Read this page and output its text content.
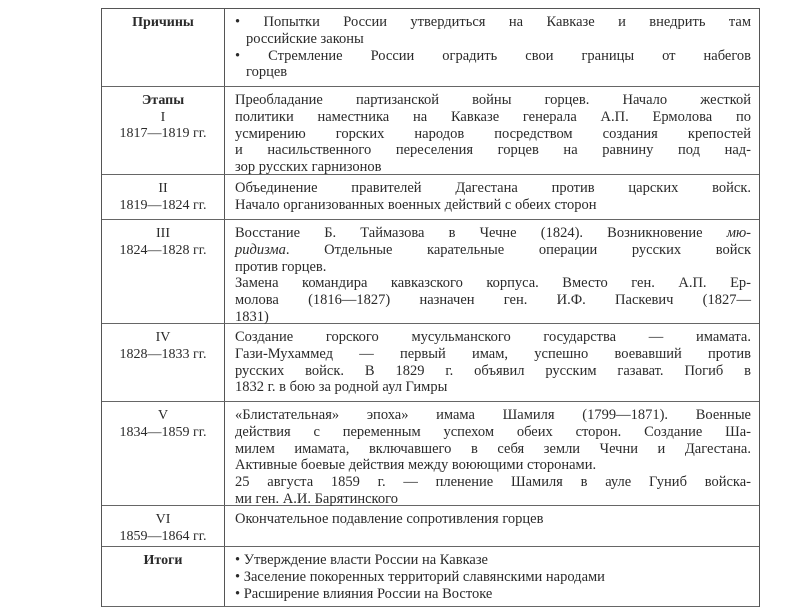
Причины	• Попытки России утвердиться на Кавказе и внедрить там
российские законы
• Стремление России оградить свои границы от набегов
горцев
Этапы
I
1817—1819 гг.
Преобладание партизанской войны горцев. Начало жесткой
политики наместника на Кавказе генерала А.П. Ермолова по
усмирению горских народов посредством создания крепостей
и насильственного переселения горцев на равнину под над-
зор русских гарнизонов
II
1819—1824 гг.
Объединение правителей Дагестана против царских войск.
Начало организованных военных действий с обеих сторон
III
1824—1828 гг.
Восстание Б. Таймазова в Чечне (1824). Возникновение мю-
ридизма. Отдельные карательные операции русских войск
против горцев.
Замена командира кавказского корпуса. Вместо ген. А.П. Ер-
молова (1816—1827) назначен ген. И.Ф. Паскевич (1827—
1831)
IV
1828—1833 гг.
Создание горского мусульманского государства — имамата.
Гази-Мухаммед — первый имам, успешно воевавший против
русских войск. В 1829 г. объявил русским газават. Погиб в
1832 г. в бою за родной аул Гимры
V
1834—1859 гг.
«Блистательная» эпоха» имама Шамиля (1799—1871). Военные
действия с переменным успехом обеих сторон. Создание Ша-
милем имамата, включавшего в себя земли Чечни и Дагестана.
Активные боевые действия между воюющими сторонами.
25 августа 1859 г. — пленение Шамиля в ауле Гуниб войска-
ми ген. А.И. Барятинского
VI
1859—1864 гг.
Окончательное подавление сопротивления горцев
Итоги	• Утверждение власти России на Кавказе
• Заселение покоренных территорий славянскими народами
• Расширение влияния России на Востоке
